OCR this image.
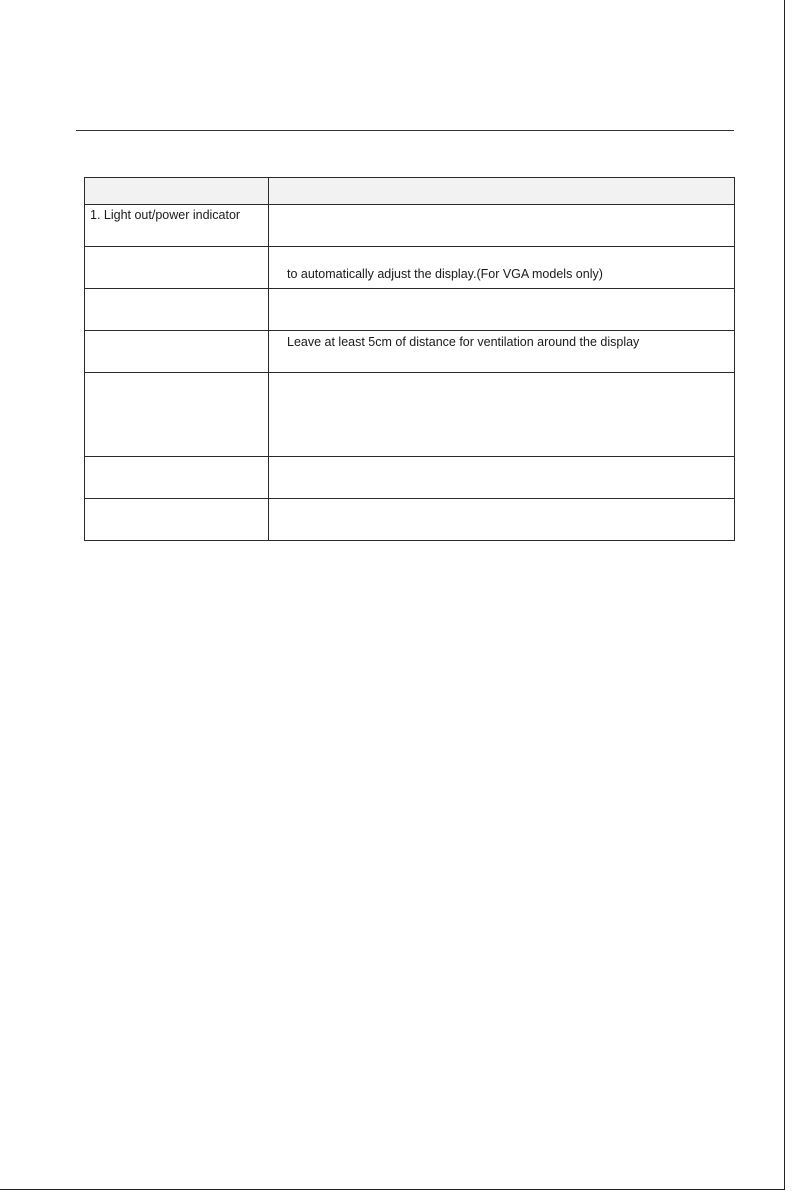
1. Light out/power indicator	

	to automatically adjust the display.(For VGA models only)

	Leave at least 5cm of distance for ventilation around the display
